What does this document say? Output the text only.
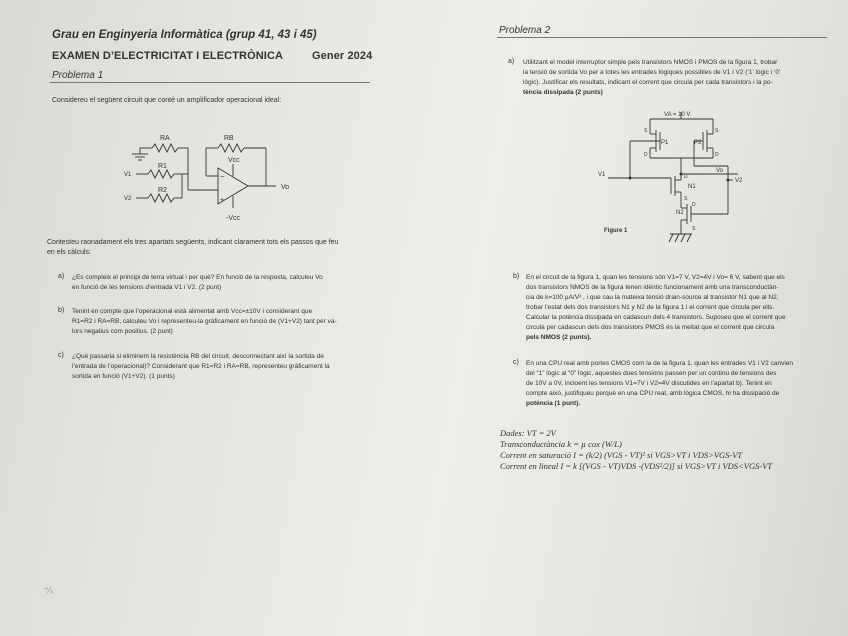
Grau en Enginyeria Informàtica (grup 41, 43 i 45)
EXAMEN D’ELECTRICITAT I ELECTRÒNICA	Gener 2024
Problema 1
Considereu el següent circuit que conté un amplificador operacional ideal:
RA	RB
R1
R2
V1
V2
Vcc
-Vcc
Vo
−
+
Contesteu raonadament els tres apartats següents, indicant clarament tots els passos que feu
en els càlculs:
a) ¿Es compleix el principi de terra virtual i per què? En funció de la resposta, calculeu Vo
en funció de les tensions d’entrada V1 i V2. (2 punt)
b) Tenint en compte que l’operacional està alimentat amb Vcc=±10V i considerant que
R1=R2 i RA=RB, calculeu Vo i representeu-la gràficament en funció de (V1+V2) tant per va-
lors negatius com positius. (2 punt)
c) ¿Què passaria si eliminem la resistència RB del circuit, desconnectant així la sortida de
l’entrada de l’operacional)? Considerant que R1=R2 i RA=RB, representeu gràficament la
sortida en funció (V1+V2). (1 punts)
⁺⁄ₓ
Problema 2
a) Utilitzant el model interruptor simple pels transistors NMOS i PMOS de la figura 1, trobar
la tensió de sortida Vo per a totes les entrades lògiques possibles de V1 i V2 (‘1’ lògic i ‘0’
lògic). Justificar els resultats, indicant el corrent que circula per cada transistors i la po-
tència dissipada (2 punts)
VA = 10 V
P1	P2
N1
N2
S
D
S
D
D
S
D
S
V1
Vo
V2
Figure 1
b) En el circuit de la figura 1, quan les tensions són V1=7 V, V2=4V i Vo= 6 V, sabent que els
dos transistors NMOS de la figura tenen idèntic funcionament amb una transconductàn-
cia de k=100 µA/V² , i que cau la mateixa tensió drain-source al transistor N1 que al N2,
trobar l’estat dels dos transistors N1 y N2 de la figura 1 i el corrent que circula per ells.
Calcular la potència dissipada en cadascun dels 4 transistors. Suposeu que el corrent que
circula per cadascun dels dos transistors PMOS és la meitat que el corrent que circula
pels NMOS (2 punts).
c) En una CPU real amb portes CMOS com la de la figura 1, quan les entrades V1 i V2 canvien
del “1” lògic al “0” lògic, aquestes dues tensions passen per un continu de tensions des
de 10V a 0V, incloent les tensions V1=7V i V2=4V discutides en l’apartat b). Tenint en
compte això, justifiqueu perquè en una CPU real, amb lògica CMOS, hi ha dissipació de
potència (1 punt).
Dades: VT = 2V
Transconductància k = µ cox (W/L)
Corrent en saturació I = (k/2) (VGS - VT)² si VGS>VT i VDS>VGS-VT
Corrent en lineal I = k [(VGS - VT)VDS -(VDS²/2)] si VGS>VT i VDS<VGS-VT
